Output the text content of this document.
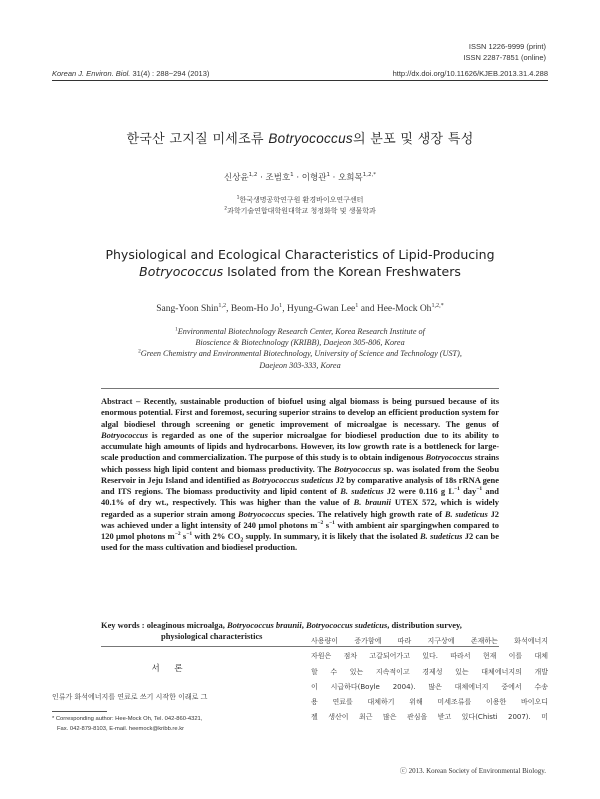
ISSN 1226-9999 (print)
ISSN 2287-7851 (online)
Korean J. Environ. Biol. 31(4) : 288~294 (2013)	http://dx.doi.org/10.11626/KJEB.2013.31.4.288
한국산 고지질 미세조류 Botryococcus의 분포 및 생장 특성
신상윤$^{1,2}$ · 조범호$^1$ · 이형관$^1$ · 오희목$^{1,2,*}$
$^1$한국생명공학연구원 환경바이오연구센터
$^2$과학기술연합대학원대학교 청정화학 및 생물학과
Physiological and Ecological Characteristics of Lipid-Producing
Botryococcus Isolated from the Korean Freshwaters
Sang-Yoon Shin$^{1,2}$, Beom-Ho Jo$^1$, Hyung-Gwan Lee$^1$ and Hee-Mock $Oh^{1,2,*}$
$^1$Environmental Biotechnology Research Center, Korea Research Institute of
Bioscience & Biotechnology (KRIBB), Daejeon 305-806, Korea
$^2$Green Chemistry and Environmental Biotechnology, University of Science and Technology (UST),
Daejeon 303-333, Korea
Abstract – Recently, sustainable production of biofuel using algal biomass is being pursued because of its enormous potential. First and foremost, securing superior strains to develop an efficient production system for algal biodiesel through screening or genetic improvement of microalgae is necessary. The genus of Botryococcus is regarded as one of the superior microalgae for biodiesel production due to its ability to accumulate high amounts of lipids and hydrocarbons. However, its low growth rate is a bottleneck for large-scale production and commercialization. The purpose of this study is to obtain indigenous Botryococcus strains which possess high lipid content and biomass productivity. The Botryococcus sp. was isolated from the Seobu Reservoir in Jeju Island and identified as Botryococcus sudeticus J2 by comparative analysis of 18s rRNA gene and ITS regions. The biomass productivity and lipid content of B. sudeticus J2 were 0.116 g $L^{-1}$ day$^{-1}$ and 40.1% of dry wt., respectively. This was higher than the value of B. braunii UTEX 572, which is widely regarded as a superior strain among Botryococcus species. The relatively high growth rate of B. sudeticus J2 was achieved under a light intensity of 240 μmol photons $m^{-2}$ $s^{-1}$ with ambient air spargingwhen compared to 120 μmol photons $m^{-2}$ $s^{-1}$ with 2% $CO_2$ supply. In summary, it is likely that the isolated B. sudeticus J2 can be used for the mass cultivation and biodiesel production.
Key words : oleaginous microalga, Botryococcus braunii, Botryococcus sudeticus, distribution survey, physiological characteristics
서 론
인류가 화석에너지를 연료로 쓰기 시작한 이래로 그
* Corresponding author: Hee-Mock Oh, Tel. 042-860-4321,
Fax. 042-879-8103, E-mail. heemock@kribb.re.kr
사용량이 증가함에 따라 지구상에 존재하는 화석에너지
자원은 점차 고갈되어가고 있다. 따라서 현재 이를 대체
할 수 있는 지속적이고 경제성 있는 대체에너지의 개발
이 시급하다(Boyle 2004). 많은 대체에너지 중에서 수송
용 연료를 대체하기 위해 미세조류를 이용한 바이오디
젤 생산이 최근 많은 관심을 받고 있다(Chisti 2007). 미
ⓒ 2013. Korean Society of Environmental Biology.
